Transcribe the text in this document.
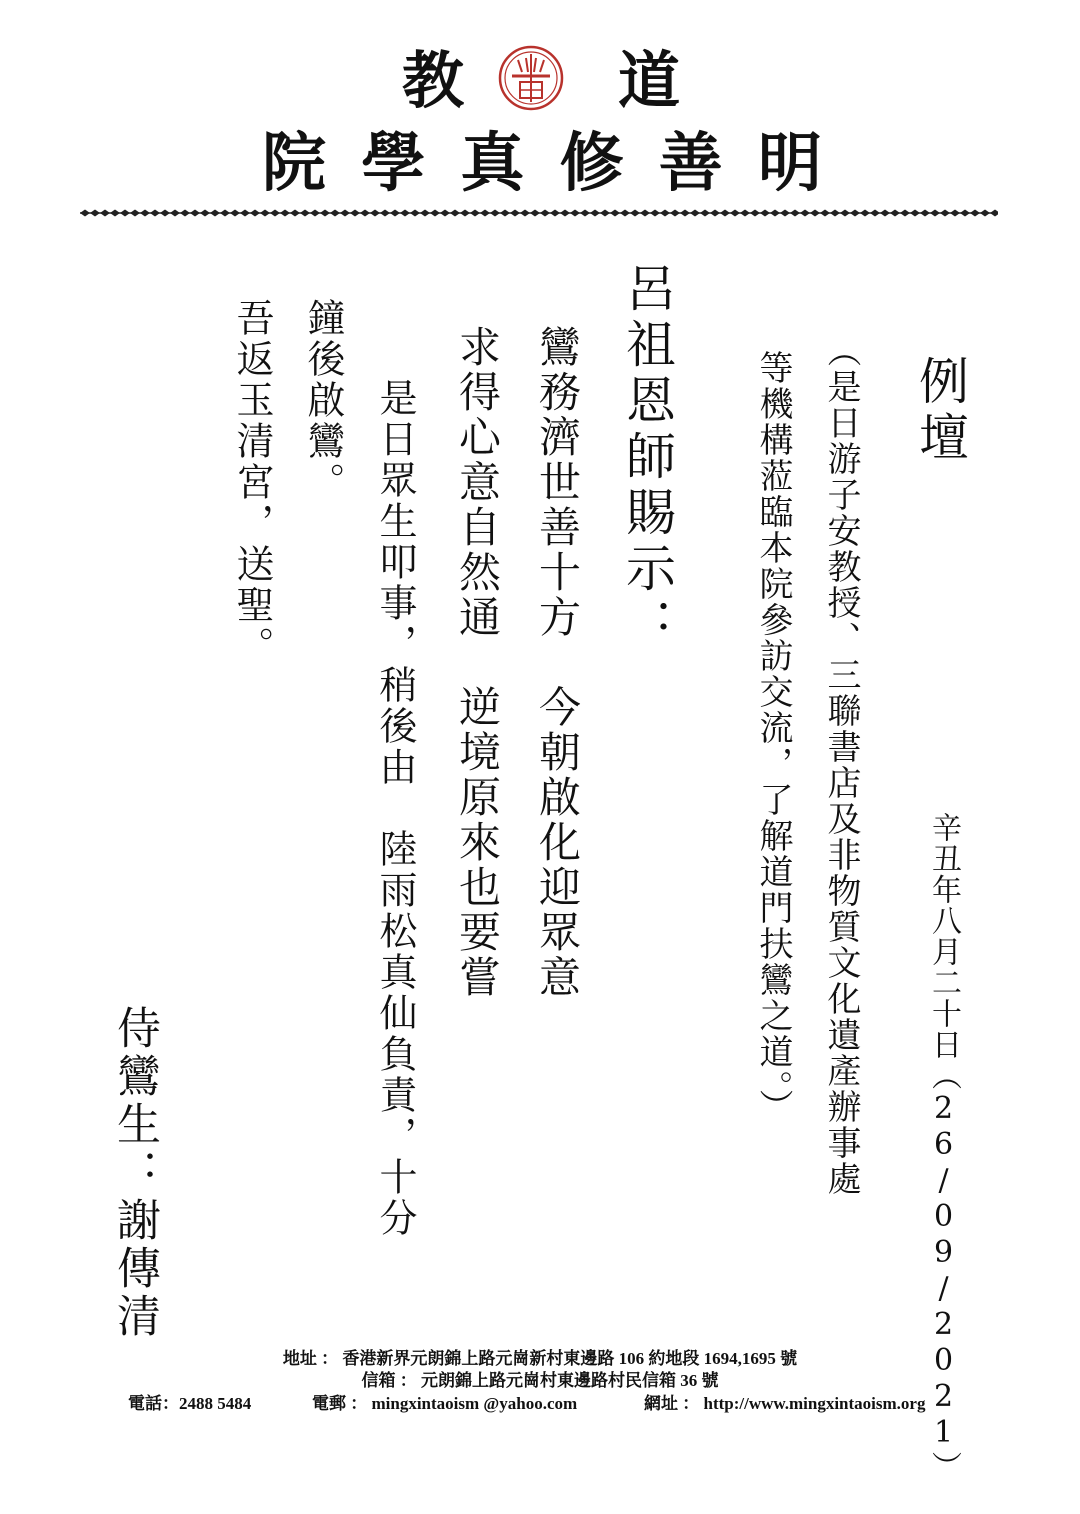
教 道
院 學 真 修 善 明
例壇
辛丑年八月二十日（26/09/2021）
（是日游子安教授、三聯書店及非物質文化遺產辦事處
等機構蒞臨本院參訪交流，了解道門扶鸞之道。）
呂祖恩師賜示：
鸞務濟世善十方　今朝啟化迎眾意
求得心意自然通　逆境原來也要嘗
是日眾生叩事，稍後由　陸雨松真仙負責，十分
鐘後啟鸞。
吾返玉清宮，送聖。
侍鸞生：謝傳清
地址 ： 香港新界元朗錦上路元崗新村東邊路 106 約地段 1694,1695 號
信箱 ： 元朗錦上路元崗村東邊路村民信箱 36 號
電話：2488 5484	電郵 ： mingxintaoism @yahoo.com	網址 ： http://www.mingxintaoism.org
